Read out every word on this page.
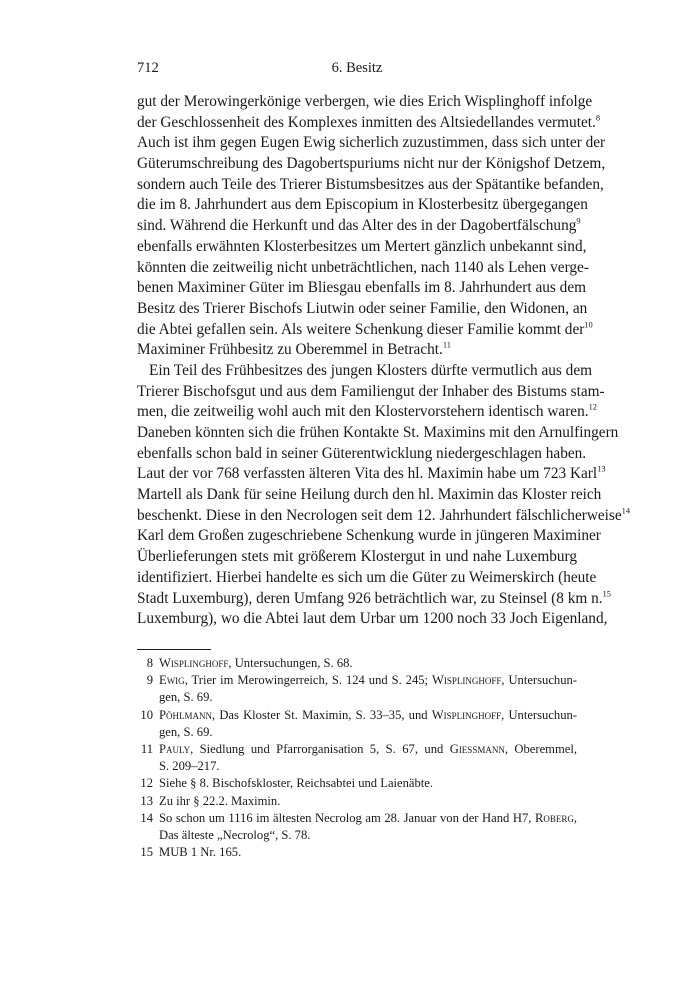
712	6. Besitz
gut der Merowingerkönige verbergen, wie dies Erich Wisplinghoff infolge
der Geschlossenheit des Komplexes inmitten des Altsiedellandes vermutet.$^8$
Auch ist ihm gegen Eugen Ewig sicherlich zuzustimmen, dass sich unter der
Güterumschreibung des Dagobertspuriums nicht nur der Königshof Detzem,
sondern auch Teile des Trierer Bistumsbesitzes aus der Spätantike befanden,
die im 8. Jahrhundert aus dem Episcopium in Klosterbesitz übergegangen
sind. Während die Herkunft und das Alter des in der Dagobertfälschung$^9$
ebenfalls erwähnten Klosterbesitzes um Mertert gänzlich unbekannt sind,
könnten die zeitweilig nicht unbeträchtlichen, nach 1140 als Lehen verge-
benen Maximiner Güter im Bliesgau ebenfalls im 8. Jahrhundert aus dem
Besitz des Trierer Bischofs Liutwin oder seiner Familie, den Widonen, an
die Abtei gefallen sein. Als weitere Schenkung dieser Familie kommt der$^{10}$
Maximiner Frühbesitz zu Oberemmel in Betracht.$^{11}$
Ein Teil des Frühbesitzes des jungen Klosters dürfte vermutlich aus dem
Trierer Bischofsgut und aus dem Familiengut der Inhaber des Bistums stam-
men, die zeitweilig wohl auch mit den Klostervorstehern identisch waren.$^{12}$
Daneben könnten sich die frühen Kontakte St. Maximins mit den Arnulfingern
ebenfalls schon bald in seiner Güterentwicklung niedergeschlagen haben.
Laut der vor 768 verfassten älteren Vita des hl. Maximin habe um 723 Karl$^{13}$
Martell als Dank für seine Heilung durch den hl. Maximin das Kloster reich
beschenkt. Diese in den Necrologen seit dem 12. Jahrhundert fälschlicherweise$^{14}$
Karl dem Großen zugeschriebene Schenkung wurde in jüngeren Maximiner
Überlieferungen stets mit größerem Klostergut in und nahe Luxemburg
identifiziert. Hierbei handelte es sich um die Güter zu Weimerskirch (heute
Stadt Luxemburg), deren Umfang 926 beträchtlich war, zu Steinsel (8 km n.$^{15}$
Luxemburg), wo die Abtei laut dem Urbar um 1200 noch 33 Joch Eigenland,
8 Wisplinghoff, Untersuchungen, S. 68.
9 Ewig, Trier im Merowingerreich, S. 124 und S. 245; Wisplinghoff, Untersuchun-
gen, S. 69.
10 Pöhlmann, Das Kloster St. Maximin, S. 33–35, und Wisplinghoff, Untersuchun-
gen, S. 69.
11 Pauly, Siedlung und Pfarrorganisation 5, S. 67, und Giessmann, Oberemmel,
S. 209–217.
12 Siehe § 8. Bischofskloster, Reichsabtei und Laienäbte.
13 Zu ihr § 22.2. Maximin.
14 So schon um 1116 im ältesten Necrolog am 28. Januar von der Hand H7, Roberg,
Das älteste „Necrolog“, S. 78.
15 MUB 1 Nr. 165.
